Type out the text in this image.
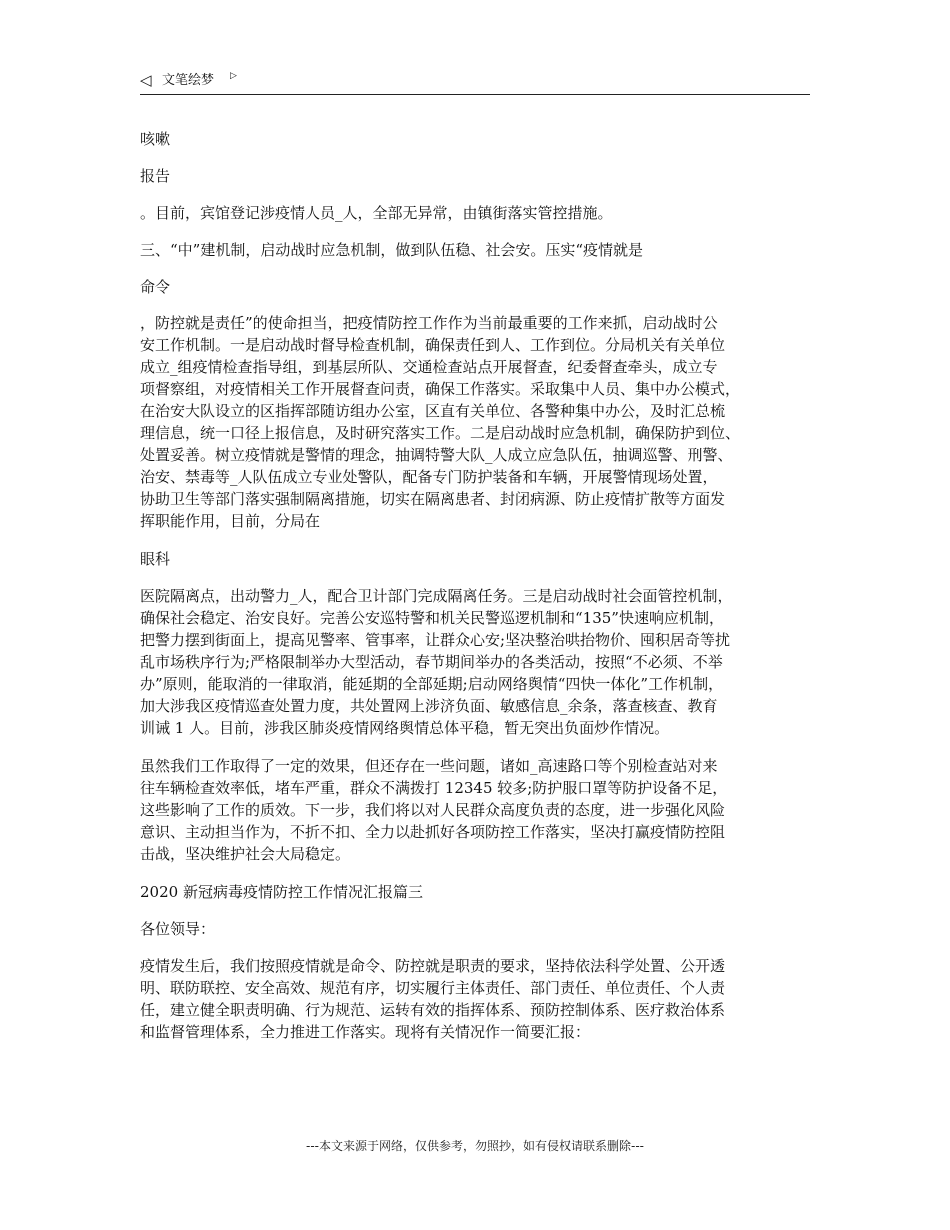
◁ 文笔绘梦 ▷
咳嗽
报告
。目前，宾馆登记涉疫情人员_人，全部无异常，由镇街落实管控措施。
三、“中”建机制，启动战时应急机制，做到队伍稳、社会安。压实“疫情就是
命令
，防控就是责任”的使命担当，把疫情防控工作作为当前最重要的工作来抓，启动战时公
安工作机制。一是启动战时督导检查机制，确保责任到人、工作到位。分局机关有关单位
成立_组疫情检查指导组，到基层所队、交通检查站点开展督查，纪委督查牵头，成立专
项督察组，对疫情相关工作开展督查问责，确保工作落实。采取集中人员、集中办公模式，
在治安大队设立的区指挥部随访组办公室，区直有关单位、各警种集中办公，及时汇总梳
理信息，统一口径上报信息，及时研究落实工作。二是启动战时应急机制，确保防护到位、
处置妥善。树立疫情就是警情的理念，抽调特警大队_人成立应急队伍，抽调巡警、刑警、
治安、禁毒等_人队伍成立专业处警队，配备专门防护装备和车辆，开展警情现场处置，
协助卫生等部门落实强制隔离措施，切实在隔离患者、封闭病源、防止疫情扩散等方面发
挥职能作用，目前，分局在
眼科
医院隔离点，出动警力_人，配合卫计部门完成隔离任务。三是启动战时社会面管控机制，
确保社会稳定、治安良好。完善公安巡特警和机关民警巡逻机制和“135”快速响应机制，
把警力摆到街面上，提高见警率、管事率，让群众心安;坚决整治哄抬物价、囤积居奇等扰
乱市场秩序行为;严格限制举办大型活动，春节期间举办的各类活动，按照“不必须、不举
办”原则，能取消的一律取消，能延期的全部延期;启动网络舆情“四快一体化”工作机制，
加大涉我区疫情巡查处置力度，共处置网上涉济负面、敏感信息_余条，落查核查、教育
训诫 1 人。目前，涉我区肺炎疫情网络舆情总体平稳，暂无突出负面炒作情况。
虽然我们工作取得了一定的效果，但还存在一些问题，诸如_高速路口等个别检查站对来
往车辆检查效率低，堵车严重，群众不满拨打 12345 较多;防护服口罩等防护设备不足，
这些影响了工作的质效。下一步，我们将以对人民群众高度负责的态度，进一步强化风险
意识、主动担当作为，不折不扣、全力以赴抓好各项防控工作落实，坚决打赢疫情防控阻
击战，坚决维护社会大局稳定。
2020 新冠病毒疫情防控工作情况汇报篇三
各位领导：
疫情发生后，我们按照疫情就是命令、防控就是职责的要求，坚持依法科学处置、公开透
明、联防联控、安全高效、规范有序，切实履行主体责任、部门责任、单位责任、个人责
任，建立健全职责明确、行为规范、运转有效的指挥体系、预防控制体系、医疗救治体系
和监督管理体系，全力推进工作落实。现将有关情况作一简要汇报：
---本文来源于网络，仅供参考，勿照抄，如有侵权请联系删除---
